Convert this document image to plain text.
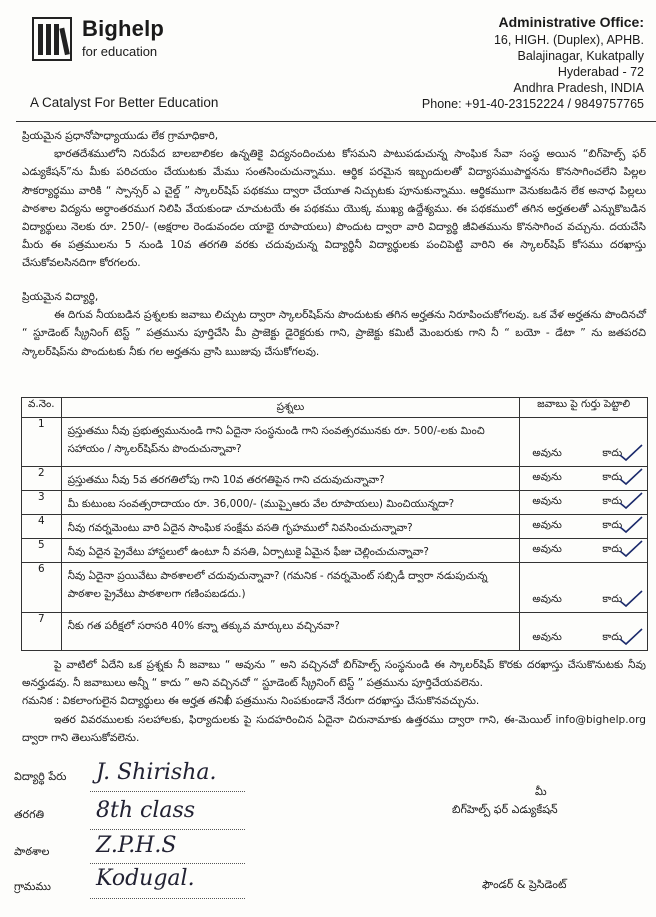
Bighelp
for education
A Catalyst For Better Education
Administrative Office:
16, HIGH. (Duplex), APHB.
Balajinagar, Kukatpally
Hyderabad - 72
Andhra Pradesh, INDIA
Phone: +91-40-23152224 / 9849757765

ప్రియమైన ప్రధానోపాధ్యాయుడు లేక గ్రామాధికారి,

భారతదేశములోని నిరుపేద బాలబాలికల ఉన్నతికై విద్యనందించుట కోసమని పాటుపడుచున్న సాంఘిక సేవా సంస్థ అయిన “బిగ్‌హెల్ప్ ఫర్ ఎడ్యుకేషన్”ను మీకు పరిచయం చేయుటకు మేము సంతసించుచున్నాము. ఆర్థిక పరమైన ఇబ్బందులతో విద్యాసముపార్జనను కొనసాగించలేని పిల్లల సౌకర్యార్థము వారికి “ స్పాన్సర్ ఎ చైల్డ్ ” స్కాలర్‌షిప్ పథకము ద్వారా చేయూత నిచ్చుటకు పూనుకున్నాము. ఆర్థికముగా వెనుకబడిన లేక అనాధ పిల్లలు పాఠశాల విద్యను అర్ధాంతరముగ నిలిపి వేయకుండా చూచుటయే ఈ పథకము యొక్క ముఖ్య ఉద్దేశ్యము. ఈ పథకములో తగిన అర్హతలతో ఎన్నుకొబడిన విద్యార్థులు నెలకు రూ. 250/- (అక్షరాల రెండువందల యాభై రూపాయలు) పొందుట ద్వారా వారి విద్యార్థి జీవితమును కొనసాగించ వచ్చును. దయచేసి మీరు ఈ పత్రములను 5 నుండి 10వ తరగతి వరకు చదువుచున్న విద్యార్థినీ విద్యార్థులకు పంచిపెట్టి వారిని ఈ స్కాలర్‌షిప్ కోసము దరఖాస్తు చేసుకోవలసినదిగా కోరగలరు.

ప్రియమైన విద్యార్థి,

ఈ దిగువ నీయబడిన ప్రశ్నలకు జవాబు లిచ్చుట ద్వారా స్కాలర్‌షిప్‌ను పొందుటకు తగిన అర్హతను నిరూపించుకోగలవు. ఒక వేళ అర్హతను పొందినచో “ స్టూడెంట్ స్క్రీనింగ్ టెస్ట్ ” పత్రమును పూర్తిచేసి మీ ప్రాజెక్టు డైరెక్టరుకు గాని, ప్రాజెక్టు కమిటీ మెంబరుకు గాని నీ “ బయో - డేటా ” ను జతపరచి స్కాలర్‌షిప్‌ను పొందుటకు నీకు గల అర్హతను వ్రాసి ఋజువు చేసుకోగలవు.

వ.నెం.	ప్రశ్నలు	జవాబు పై గుర్తు పెట్టాలి
1	ప్రస్తుతము నీవు ప్రభుత్వమునుండి గాని ఏదైనా సంస్థనుండి గాని సంవత్సరమునకు రూ. 500/-లకు మించి సహాయం / స్కాలర్‌షిప్‌ను పొందుచున్నావా?	అవును కాదు

2	ప్రస్తుతము నీవు 5వ తరగతిలోపు గాని 10వ తరగతిపైన గాని చదువుచున్నావా?	అవును కాదు

3	మీ కుటుంబ సంవత్సరాదాయం రూ. 36,000/- (ముప్పైఆరు వేల రూపాయలు) మించియున్నదా?	అవును కాదు

4	నీవు గవర్నమెంటు వారి ఏదైన సాంఘిక సంక్షేమ వసతి గృహములో నివసించుచున్నావా?	అవును కాదు

5	నీవు ఏదైన ప్రైవేటు హాస్టలులో ఉంటూ నీ వసతి, ఏర్పాటుకై ఏమైన ఫీజు చెల్లించుచున్నావా?	అవును కాదు

6	నీవు ఏదైనా ప్రయివేటు పాఠశాలలో చదువుచున్నావా? (గమనిక - గవర్నమెంట్ సబ్సిడీ ద్వారా నడుపుచున్న పాఠశాల ప్రైవేటు పాఠశాలగా గణింపబడదు.)	అవును కాదు

7	నీకు గత పరీక్షలో సరాసరి 40% కన్నా తక్కువ మార్కులు వచ్చినవా?	అవును కాదు

పై వాటిలో ఏదేని ఒక ప్రశ్నకు నీ జవాబు “ అవును ” అని వచ్చినచో బిగ్‌హెల్ప్ సంస్థనుండి ఈ స్కాలర్‌షిప్ కొరకు దరఖాస్తు చేసుకొనుటకు నీవు అనర్హుడవు. నీ జవాబులు అన్నీ “ కాదు ” అని వచ్చినచో “ స్టూడెంట్ స్క్రీనింగ్ టెస్ట్ ” పత్రమును పూర్తిచేయవలెను.

గమనిక : వికలాంగులైన విద్యార్థులు ఈ అర్హత తనిఖీ పత్రమును నింపకుండానే నేరుగా దరఖాస్తు చేసుకొనవచ్చును.

ఇతర వివరములకు సలహాలకు, ఫిర్యాదులకు పై సుదహరించిన ఏదైనా చిరునామాకు ఉత్తరము ద్వారా గాని, ఈ-మెయిల్ info@bighelp.org ద్వారా గాని తెలుసుకోవలెను.

విద్యార్థి పేరు J. Shirisha.
తరగతి 8th class
పాఠశాల Z.P.H.S
గ్రామము Kodugal.
మీ
బిగ్‌హెల్ప్ ఫర్ ఎడ్యుకేషన్
ఫౌండర్ & ప్రెసిడెంట్
